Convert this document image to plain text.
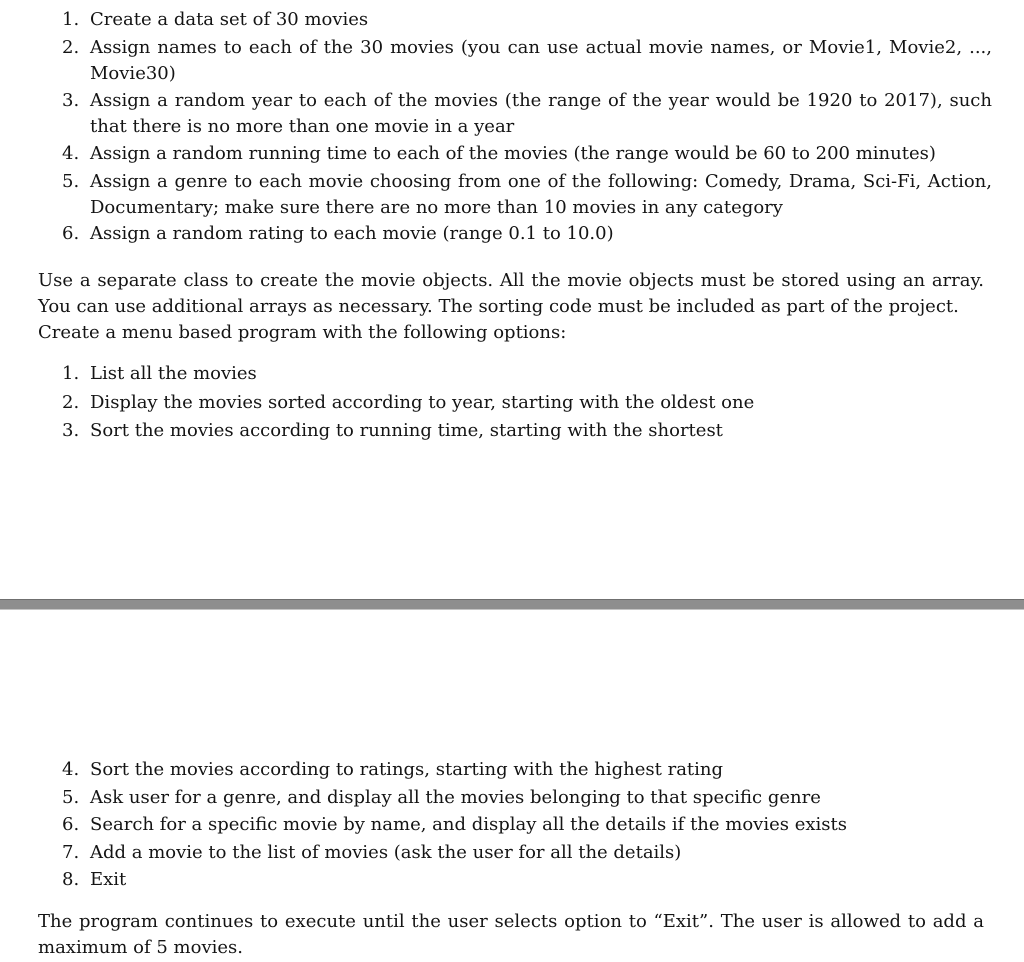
1. Create a data set of 30 movies
2. Assign names to each of the 30 movies (you can use actual movie names, or Movie1, Movie2, ..., Movie30)
3. Assign a random year to each of the movies (the range of the year would be 1920 to 2017), such that there is no more than one movie in a year
4. Assign a random running time to each of the movies (the range would be 60 to 200 minutes)
5. Assign a genre to each movie choosing from one of the following: Comedy, Drama, Sci-Fi, Action, Documentary; make sure there are no more than 10 movies in any category
6. Assign a random rating to each movie (range 0.1 to 10.0)

Use a separate class to create the movie objects. All the movie objects must be stored using an array. You can use additional arrays as necessary. The sorting code must be included as part of the project.

Create a menu based program with the following options:

1. List all the movies
2. Display the movies sorted according to year, starting with the oldest one
3. Sort the movies according to running time, starting with the shortest
4. Sort the movies according to ratings, starting with the highest rating
5. Ask user for a genre, and display all the movies belonging to that specific genre
6. Search for a specific movie by name, and display all the details if the movies exists
7. Add a movie to the list of movies (ask the user for all the details)
8. Exit

The program continues to execute until the user selects option to “Exit”. The user is allowed to add a maximum of 5 movies.
